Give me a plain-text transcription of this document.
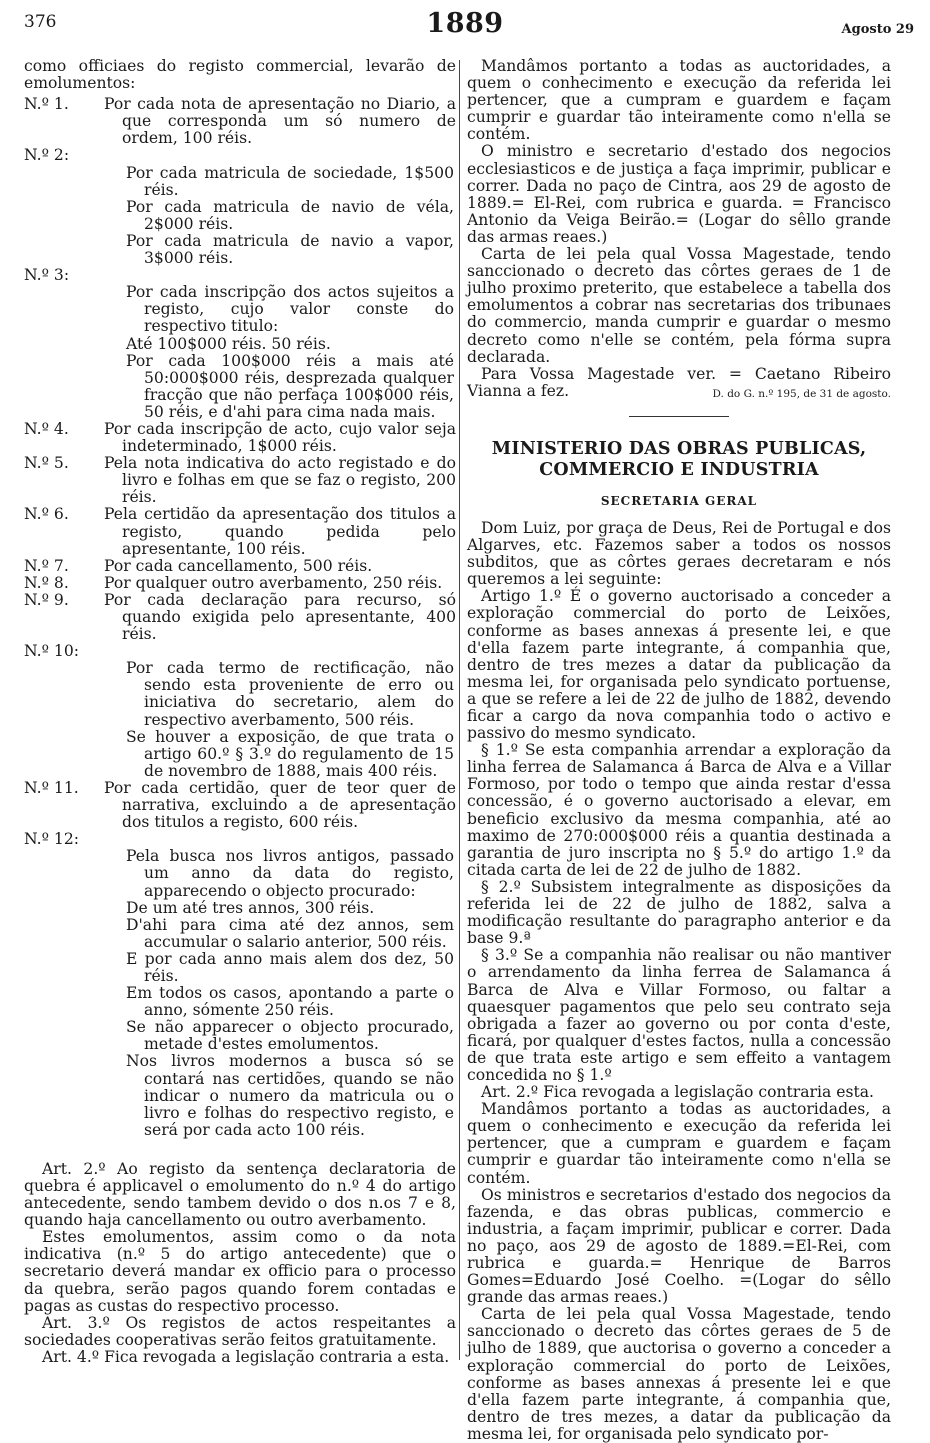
376	1889	Agosto 29

como officiaes do registo commercial, levarão de emolumentos:

N.º 1.	Por cada nota de apresentação no Diario, a que corresponda um só numero de ordem, 100 réis.
N.º 2:

Por cada matricula de sociedade, 1$500 réis.

Por cada matricula de navio de véla, 2$000 réis.

Por cada matricula de navio a vapor, 3$000 réis.

N.º 3:

Por cada inscripção dos actos sujeitos a registo, cujo valor conste do respectivo titulo:

Até 100$000 réis. 50 réis.

Por cada 100$000 réis a mais até 50:000$000 réis, desprezada qualquer fracção que não perfaça 100$000 réis, 50 réis, e d'ahi para cima nada mais.

N.º 4.	Por cada inscripção de acto, cujo valor seja indeterminado, 1$000 réis.
N.º 5.	Pela nota indicativa do acto registado e do livro e folhas em que se faz o registo, 200 réis.
N.º 6.	Pela certidão da apresentação dos titulos a registo, quando pedida pelo apresentante, 100 réis.
N.º 7.	Por cada cancellamento, 500 réis.
N.º 8.	Por qualquer outro averbamento, 250 réis.
N.º 9.	Por cada declaração para recurso, só quando exigida pelo apresentante, 400 réis.
N.º 10:

Por cada termo de rectificação, não sendo esta proveniente de erro ou iniciativa do secretario, alem do respectivo averbamento, 500 réis.

Se houver a exposição, de que trata o artigo 60.º § 3.º do regulamento de 15 de novembro de 1888, mais 400 réis.

N.º 11.	Por cada certidão, quer de teor quer de narrativa, excluindo a de apresentação dos titulos a registo, 600 réis.
N.º 12:

Pela busca nos livros antigos, passado um anno da data do registo, apparecendo o objecto procurado:

De um até tres annos, 300 réis.

D'ahi para cima até dez annos, sem accumular o salario anterior, 500 réis.

E por cada anno mais alem dos dez, 50 réis.

Em todos os casos, apontando a parte o anno, sómente 250 réis.

Se não apparecer o objecto procurado, metade d'estes emolumentos.

Nos livros modernos a busca só se contará nas certidões, quando se não indicar o numero da matricula ou o livro e folhas do respectivo registo, e será por cada acto 100 réis.

Art. 2.º Ao registo da sentença declaratoria de quebra é applicavel o emolumento do n.º 4 do artigo antecedente, sendo tambem devido o dos n.os 7 e 8, quando haja cancellamento ou outro averbamento.

Estes emolumentos, assim como o da nota indicativa (n.º 5 do artigo antecedente) que o secretario deverá mandar ex officio para o processo da quebra, serão pagos quando forem contadas e pagas as custas do respectivo processo.

Art. 3.º Os registos de actos respeitantes a sociedades cooperativas serão feitos gratuitamente.

Art. 4.º Fica revogada a legislação contraria a esta.

Mandâmos portanto a todas as auctoridades, a quem o conhecimento e execução da referida lei pertencer, que a cumpram e guardem e façam cumprir e guardar tão inteiramente como n'ella se contém.

O ministro e secretario d'estado dos negocios ecclesiasticos e de justiça a faça imprimir, publicar e correr. Dada no paço de Cintra, aos 29 de agosto de 1889.= El-Rei, com rubrica e guarda. = Francisco Antonio da Veiga Beirão.= (Logar do sêllo grande das armas reaes.)

Carta de lei pela qual Vossa Magestade, tendo sanccionado o decreto das côrtes geraes de 1 de julho proximo preterito, que estabelece a tabella dos emolumentos a cobrar nas secretarias dos tribunaes do commercio, manda cumprir e guardar o mesmo decreto como n'elle se contém, pela fórma supra declarada.

Para Vossa Magestade ver. = Caetano Ribeiro Vianna a fez.	D. do G. n.º 195, de 31 de agosto.
MINISTERIO DAS OBRAS PUBLICAS, COMMERCIO E INDUSTRIA
SECRETARIA GERAL

Dom Luiz, por graça de Deus, Rei de Portugal e dos Algarves, etc. Fazemos saber a todos os nossos subditos, que as côrtes geraes decretaram e nós queremos a lei seguinte:

Artigo 1.º É o governo auctorisado a conceder a exploração commercial do porto de Leixões, conforme as bases annexas á presente lei, e que d'ella fazem parte integrante, á companhia que, dentro de tres mezes a datar da publicação da mesma lei, for organisada pelo syndicato portuense, a que se refere a lei de 22 de julho de 1882, devendo ficar a cargo da nova companhia todo o activo e passivo do mesmo syndicato.

§ 1.º Se esta companhia arrendar a exploração da linha ferrea de Salamanca á Barca de Alva e a Villar Formoso, por todo o tempo que ainda restar d'essa concessão, é o governo auctorisado a elevar, em beneficio exclusivo da mesma companhia, até ao maximo de 270:000$000 réis a quantia destinada a garantia de juro inscripta no § 5.º do artigo 1.º da citada carta de lei de 22 de julho de 1882.

§ 2.º Subsistem integralmente as disposições da referida lei de 22 de julho de 1882, salva a modificação resultante do paragrapho anterior e da base 9.ª

§ 3.º Se a companhia não realisar ou não mantiver o arrendamento da linha ferrea de Salamanca á Barca de Alva e Villar Formoso, ou faltar a quaesquer pagamentos que pelo seu contrato seja obrigada a fazer ao governo ou por conta d'este, ficará, por qualquer d'estes factos, nulla a concessão de que trata este artigo e sem effeito a vantagem concedida no § 1.º

Art. 2.º Fica revogada a legislação contraria esta.

Mandâmos portanto a todas as auctoridades, a quem o conhecimento e execução da referida lei pertencer, que a cumpram e guardem e façam cumprir e guardar tão inteiramente como n'ella se contém.

Os ministros e secretarios d'estado dos negocios da fazenda, e das obras publicas, commercio e industria, a façam imprimir, publicar e correr. Dada no paço, aos 29 de agosto de 1889.=El-Rei, com rubrica e guarda.= Henrique de Barros Gomes=Eduardo José Coelho. =(Logar do sêllo grande das armas reaes.)

Carta de lei pela qual Vossa Magestade, tendo sanccionado o decreto das côrtes geraes de 5 de julho de 1889, que auctorisa o governo a conceder a exploração commercial do porto de Leixões, conforme as bases annexas á presente lei e que d'ella fazem parte integrante, á companhia que, dentro de tres mezes, a datar da publicação da mesma lei, for organisada pelo syndicato por-
